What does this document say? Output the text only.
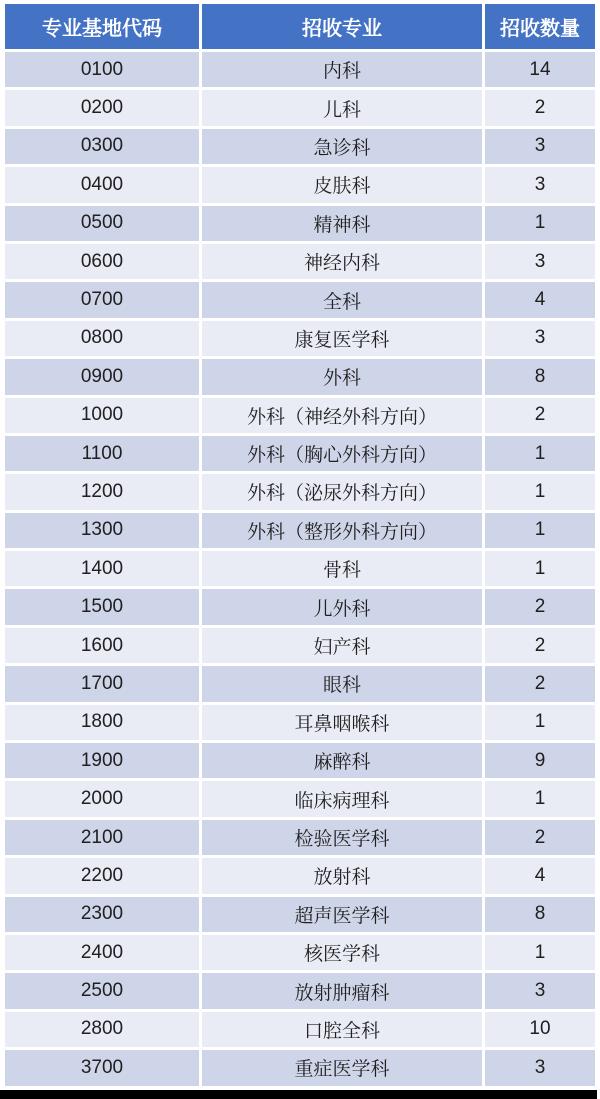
专业基地代码	招收专业	招收数量
0100	内科	14
0200	儿科	2
0300	急诊科	3
0400	皮肤科	3
0500	精神科	1
0600	神经内科	3
0700	全科	4
0800	康复医学科	3
0900	外科	8
1000	外科（神经外科方向）	2
1100	外科（胸心外科方向）	1
1200	外科（泌尿外科方向）	1
1300	外科（整形外科方向）	1
1400	骨科	1
1500	儿外科	2
1600	妇产科	2
1700	眼科	2
1800	耳鼻咽喉科	1
1900	麻醉科	9
2000	临床病理科	1
2100	检验医学科	2
2200	放射科	4
2300	超声医学科	8
2400	核医学科	1
2500	放射肿瘤科	3
2800	口腔全科	10
3700	重症医学科	3
